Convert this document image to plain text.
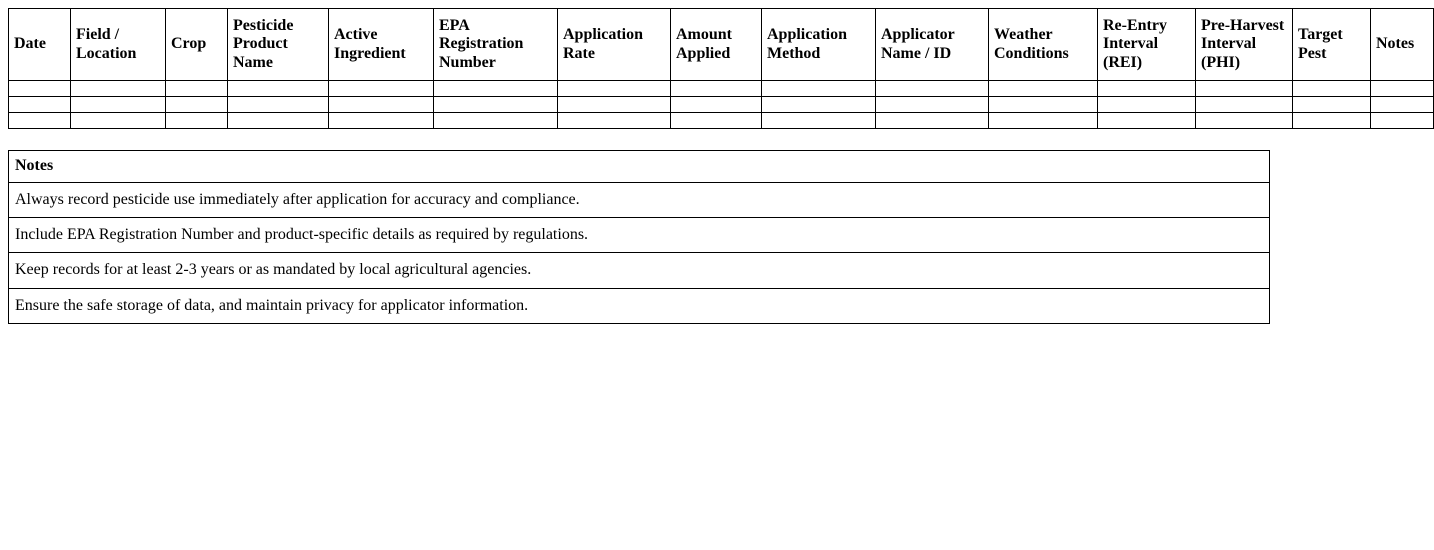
Date	Field / Location	Crop	Pesticide Product Name	Active Ingredient	EPA Registration Number	Application Rate	Amount Applied	Application Method	Applicator Name / ID	Weather Conditions	Re-Entry Interval (REI)	Pre-Harvest Interval (PHI)	Target Pest	Notes

Notes
Always record pesticide use immediately after application for accuracy and compliance.
Include EPA Registration Number and product-specific details as required by regulations.
Keep records for at least 2-3 years or as mandated by local agricultural agencies.
Ensure the safe storage of data, and maintain privacy for applicator information.
